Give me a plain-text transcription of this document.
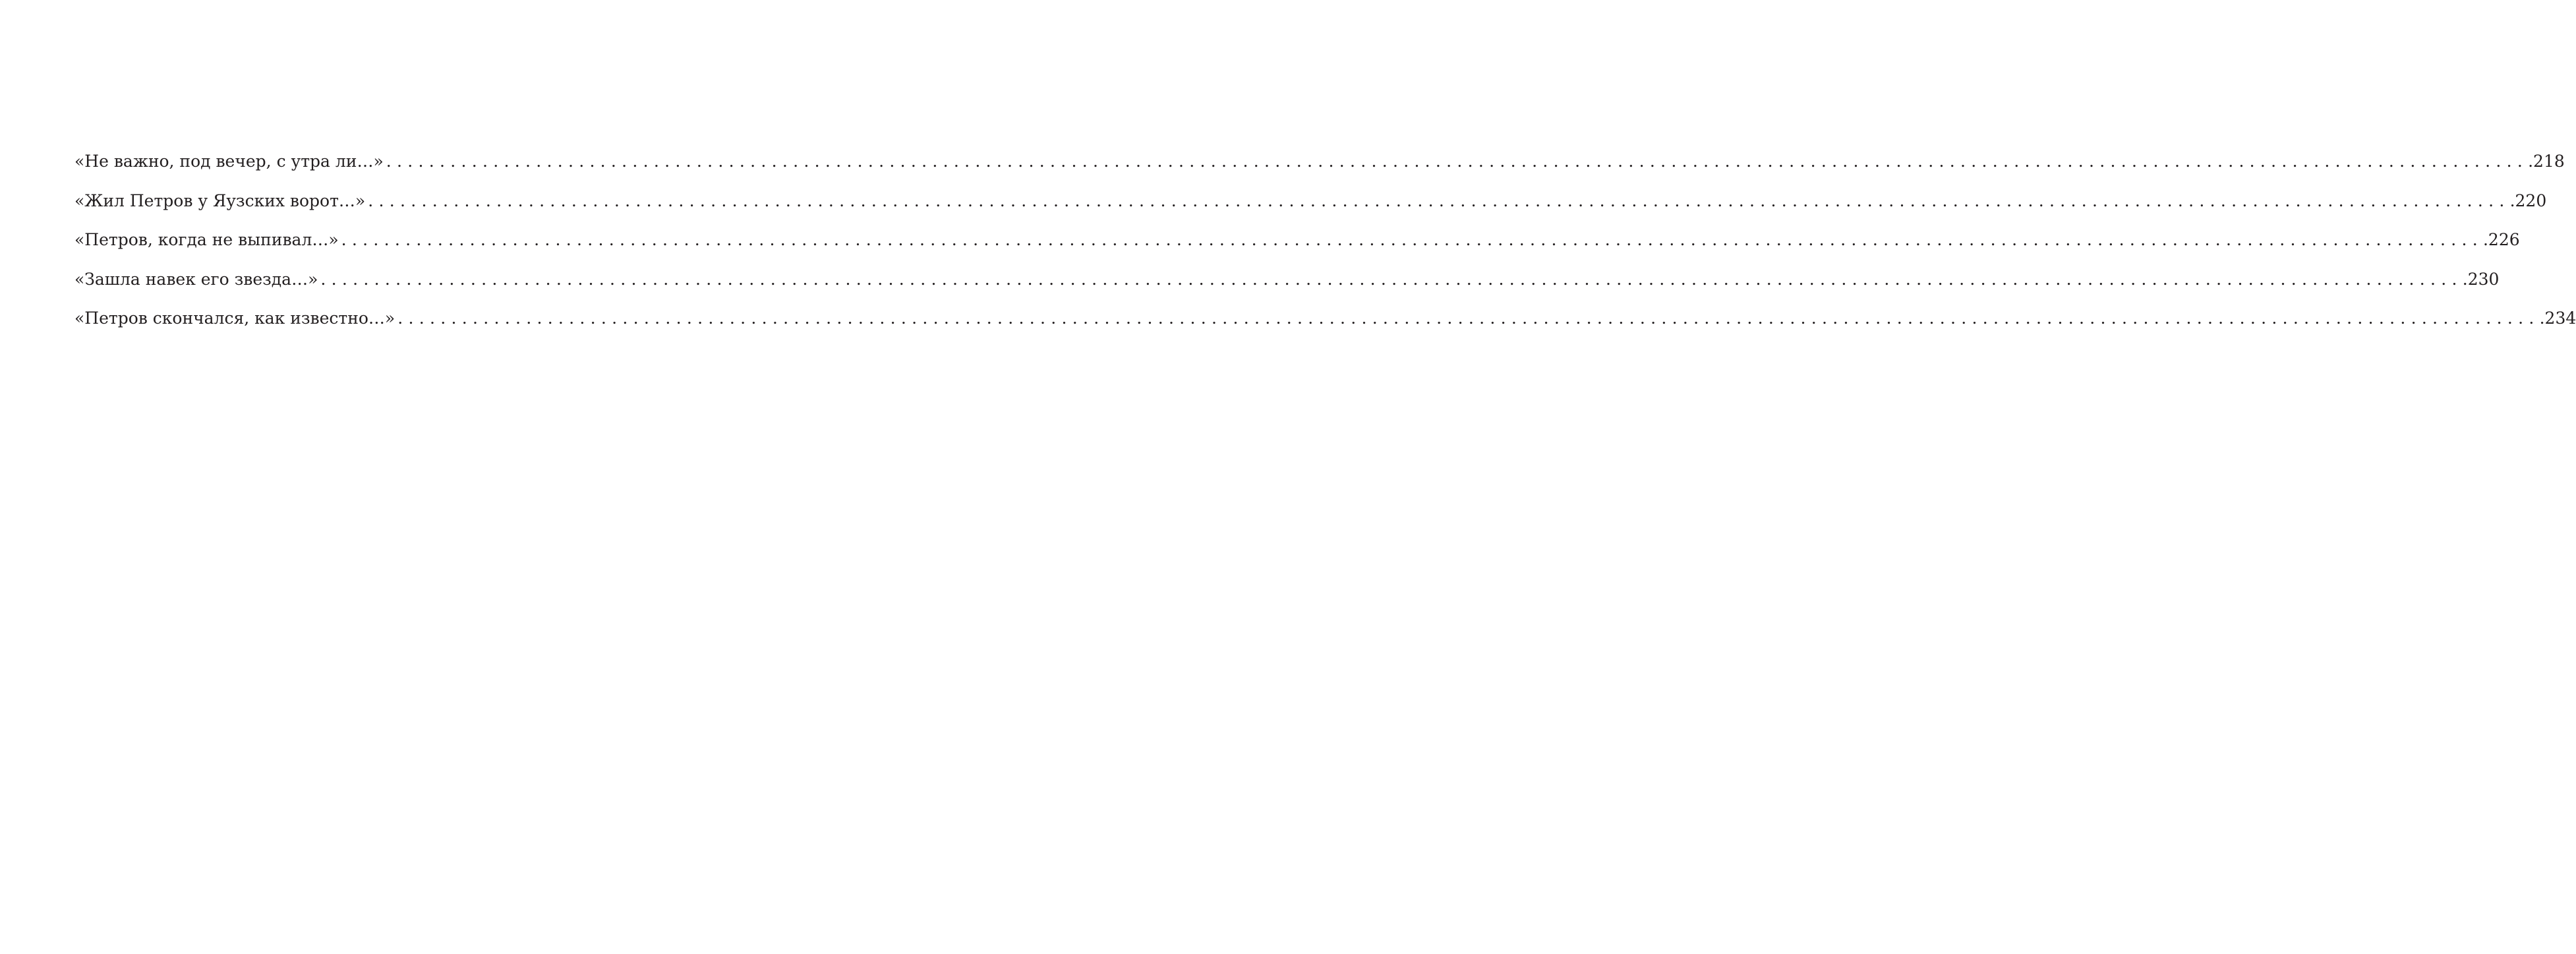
«Не важно, под вечер, с утра ли…» ........................................................................................................................................................................................................ .218
«Жил Петров у Яузских ворот…» ........................................................................................................................................................................................................ .220
«Петров, когда не выпивал…» ........................................................................................................................................................................................................ .226
«Зашла навек его звезда…» ........................................................................................................................................................................................................ .230
«Петров скончался, как известно…» ........................................................................................................................................................................................................ .234
